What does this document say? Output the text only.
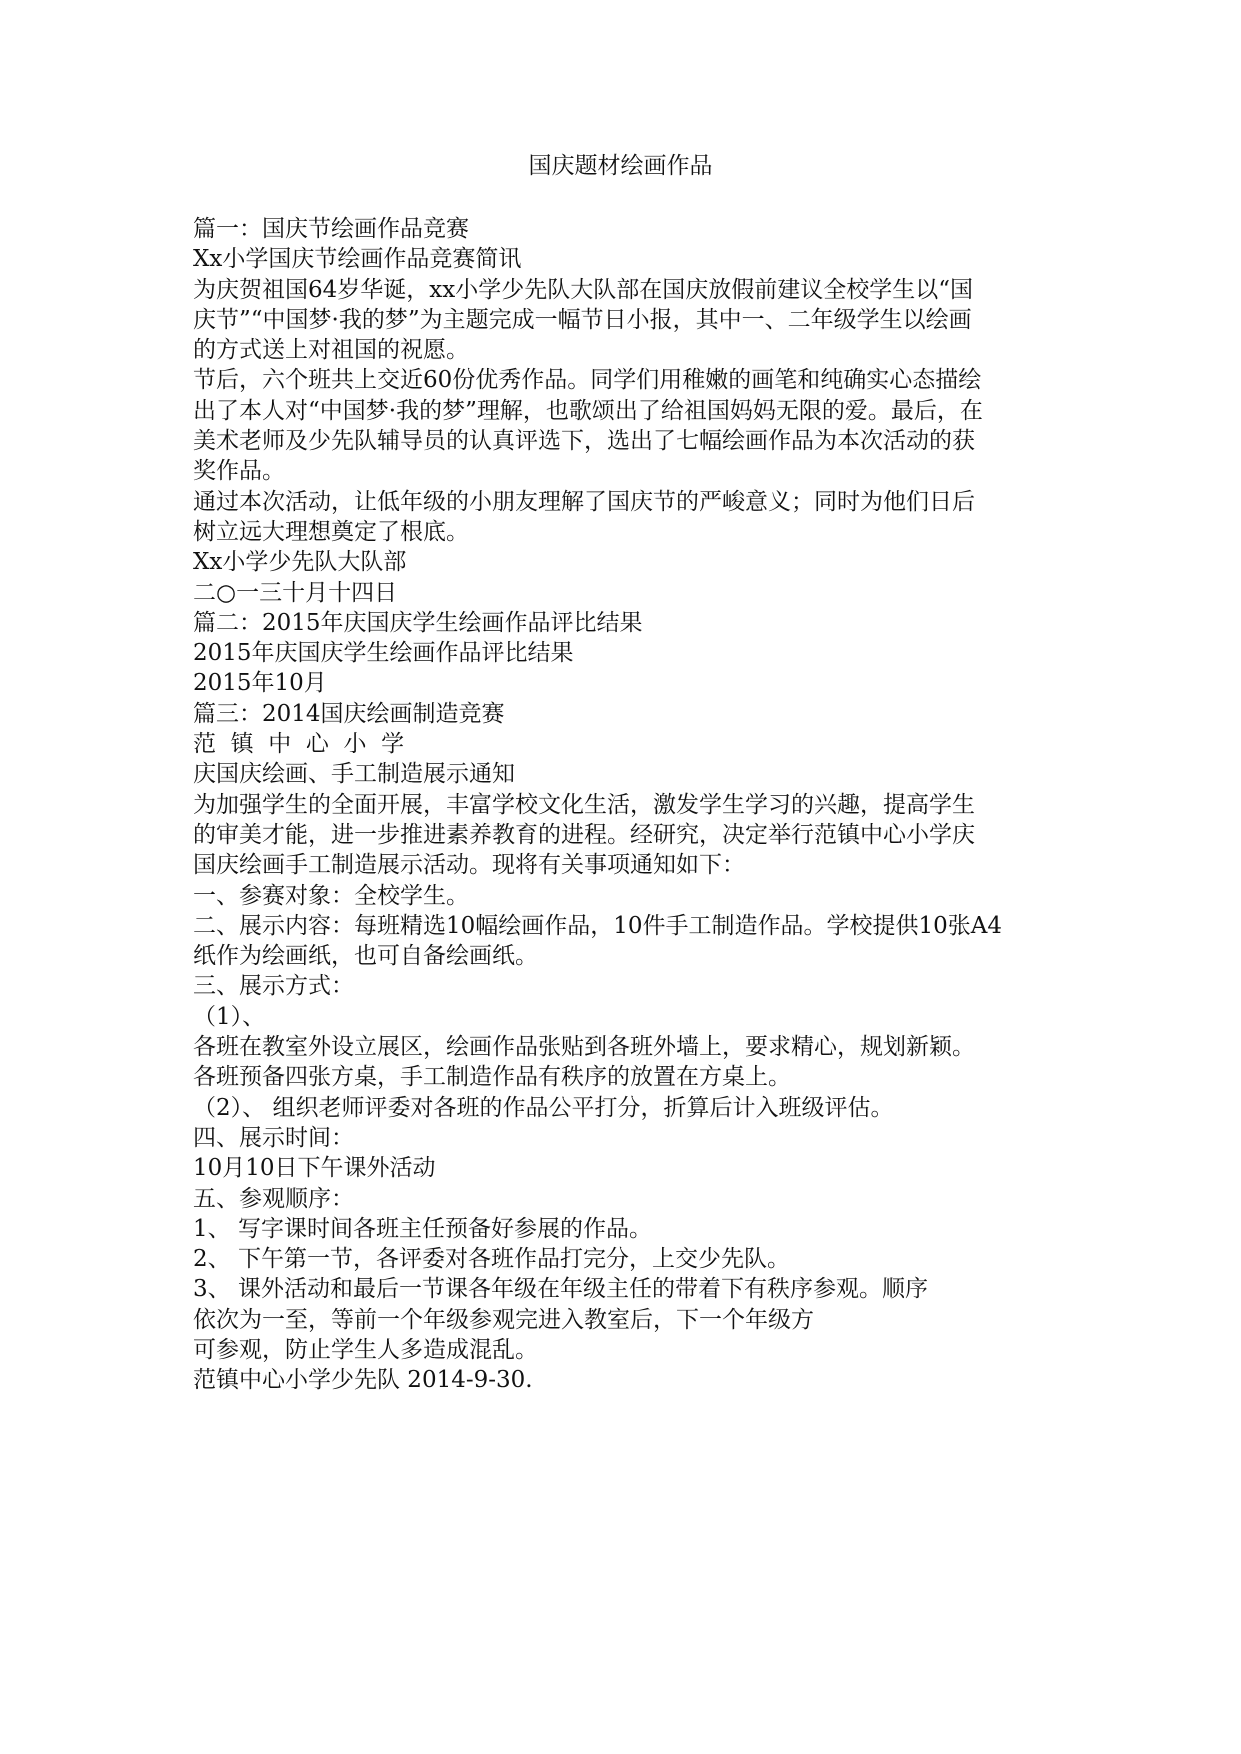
国庆题材绘画作品
篇一：国庆节绘画作品竞赛
Xx小学国庆节绘画作品竞赛简讯
为庆贺祖国64岁华诞，xx小学少先队大队部在国庆放假前建议全校学生以“国
庆节”“中国梦·我的梦”为主题完成一幅节日小报，其中一、二年级学生以绘画
的方式送上对祖国的祝愿。
节后，六个班共上交近60份优秀作品。同学们用稚嫩的画笔和纯确实心态描绘
出了本人对“中国梦·我的梦”理解，也歌颂出了给祖国妈妈无限的爱。最后，在
美术老师及少先队辅导员的认真评选下，选出了七幅绘画作品为本次活动的获
奖作品。
通过本次活动，让低年级的小朋友理解了国庆节的严峻意义；同时为他们日后
树立远大理想奠定了根底。
Xx小学少先队大队部
二○一三十月十四日
篇二：2015年庆国庆学生绘画作品评比结果
2015年庆国庆学生绘画作品评比结果
2015年10月
篇三：2014国庆绘画制造竞赛
范  镇  中  心  小  学
庆国庆绘画、手工制造展示通知
为加强学生的全面开展，丰富学校文化生活，激发学生学习的兴趣，提高学生
的审美才能，进一步推进素养教育的进程。经研究，决定举行范镇中心小学庆
国庆绘画手工制造展示活动。现将有关事项通知如下：
一、参赛对象：全校学生。
二、展示内容：每班精选10幅绘画作品，10件手工制造作品。学校提供10张A4
纸作为绘画纸，也可自备绘画纸。
三、展示方式：
（1）、
各班在教室外设立展区，绘画作品张贴到各班外墙上，要求精心，规划新颖。
各班预备四张方桌，手工制造作品有秩序的放置在方桌上。
（2）、 组织老师评委对各班的作品公平打分，折算后计入班级评估。
四、展示时间：
10月10日下午课外活动
五、参观顺序：
1、 写字课时间各班主任预备好参展的作品。
2、 下午第一节，各评委对各班作品打完分，上交少先队。
3、 课外活动和最后一节课各年级在年级主任的带着下有秩序参观。顺序
依次为一至，等前一个年级参观完进入教室后，下一个年级方
可参观，防止学生人多造成混乱。
范镇中心小学少先队 2014-9-30.
